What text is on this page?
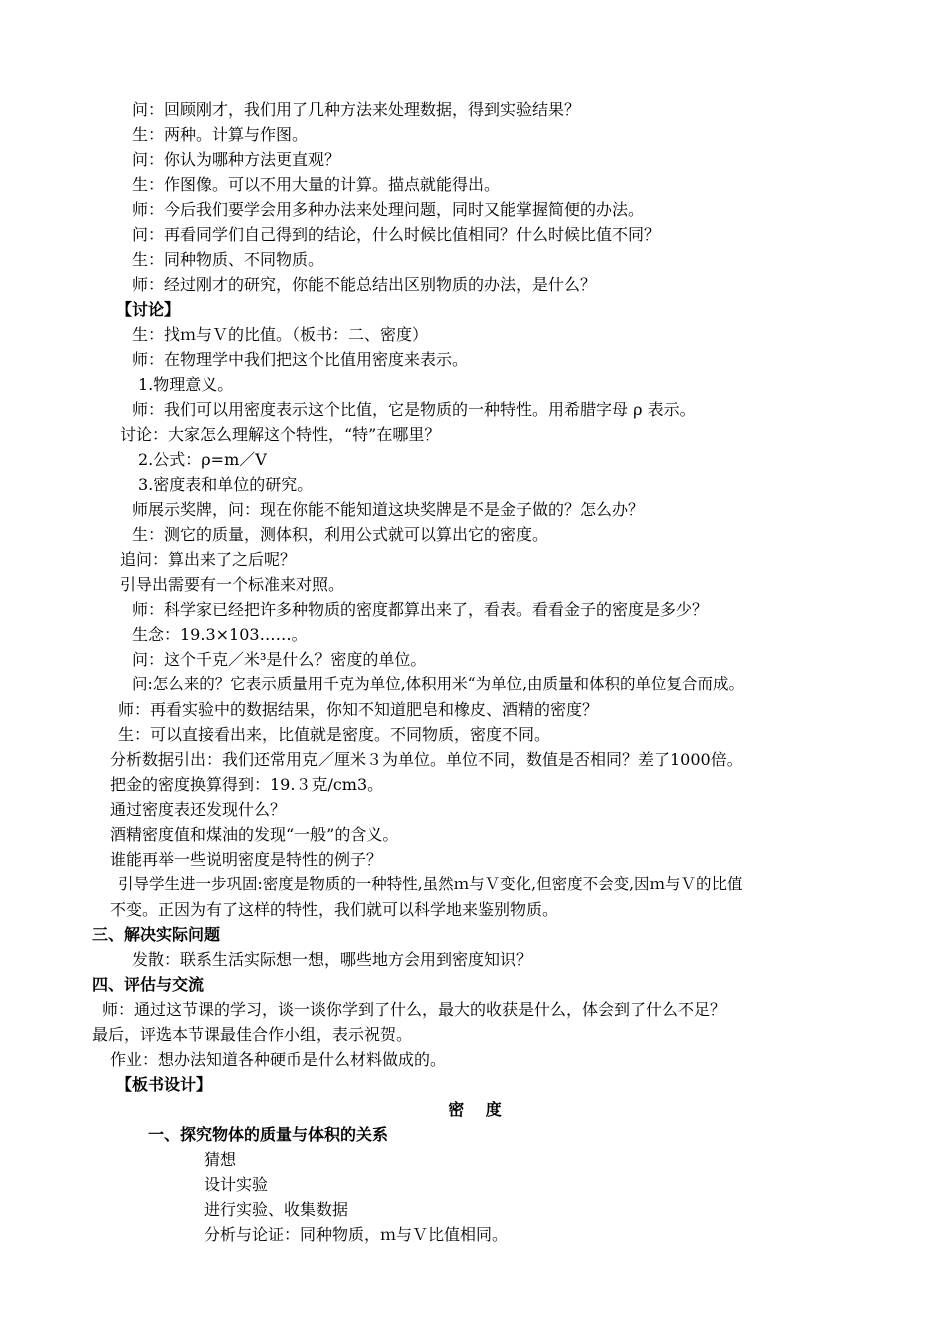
问：回顾刚才，我们用了几种方法来处理数据，得到实验结果？
生：两种。计算与作图。
问：你认为哪种方法更直观？
生：作图像。可以不用大量的计算。描点就能得出。
师：今后我们要学会用多种办法来处理问题，同时又能掌握简便的办法。
问：再看同学们自己得到的结论，什么时候比值相同？什么时候比值不同？
生：同种物质、不同物质。
师：经过刚才的研究，你能不能总结出区别物质的办法，是什么？
【讨论】
生：找ｍ与Ｖ的比值。（板书：二、密度）
师：在物理学中我们把这个比值用密度来表示。
1.物理意义。
师：我们可以用密度表示这个比值，它是物质的一种特性。用希腊字母 ρ 表示。
讨论：大家怎么理解这个特性，“特”在哪里？
2.公式：ρ=m／V
3.密度表和单位的研究。
师展示奖牌，问：现在你能不能知道这块奖牌是不是金子做的？怎么办？
生：测它的质量，测体积，利用公式就可以算出它的密度。
追问：算出来了之后呢？
引导出需要有一个标准来对照。
师：科学家已经把许多种物质的密度都算出来了，看表。看看金子的密度是多少？
生念：19.3×103……。
问：这个千克／米³是什么？密度的单位。
问:怎么来的？它表示质量用千克为单位,体积用米“为单位,由质量和体积的单位复合而成。
师：再看实验中的数据结果，你知不知道肥皂和橡皮、酒精的密度？
生：可以直接看出来，比值就是密度。不同物质，密度不同。
分析数据引出：我们还常用克／厘米３为单位。单位不同，数值是否相同？差了1000倍。
把金的密度换算得到：19.３克/cm3。
通过密度表还发现什么？
酒精密度值和煤油的发现“一般”的含义。
谁能再举一些说明密度是特性的例子？
引导学生进一步巩固:密度是物质的一种特性,虽然ｍ与Ｖ变化,但密度不会变,因ｍ与Ｖ的比值
不变。正因为有了这样的特性，我们就可以科学地来鉴别物质。
三、解决实际问题
发散：联系生活实际想一想，哪些地方会用到密度知识？
四、评估与交流
师：通过这节课的学习，谈一谈你学到了什么，最大的收获是什么，体会到了什么不足？
最后，评选本节课最佳合作小组，表示祝贺。
作业：想办法知道各种硬币是什么材料做成的。
【板书设计】
密　 度
一、探究物体的质量与体积的关系
猜想
设计实验
进行实验、收集数据
分析与论证：同种物质，ｍ与Ｖ比值相同。
